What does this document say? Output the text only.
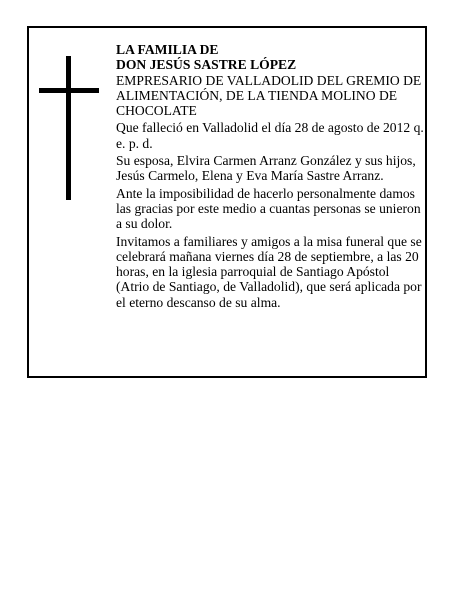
LA FAMILIA DE
DON JESÚS SASTRE LÓPEZ

EMPRESARIO DE VALLADOLID DEL GREMIO DE ALIMENTACIÓN, DE LA TIENDA MOLINO DE CHOCOLATE

Que falleció en Valladolid el día 28 de agosto de 2012 q. e. p. d.

Su esposa, Elvira Carmen Arranz González y sus hijos, Jesús Carmelo, Elena y Eva María Sastre Arranz.

Ante la imposibilidad de hacerlo personalmente damos las gracias por este medio a cuantas personas se unieron a su dolor.

Invitamos a familiares y amigos a la misa funeral que se celebrará mañana viernes día 28 de septiembre, a las 20 horas, en la iglesia parroquial de Santiago Apóstol (Atrio de Santiago, de Valladolid), que será aplicada por el eterno descanso de su alma.
